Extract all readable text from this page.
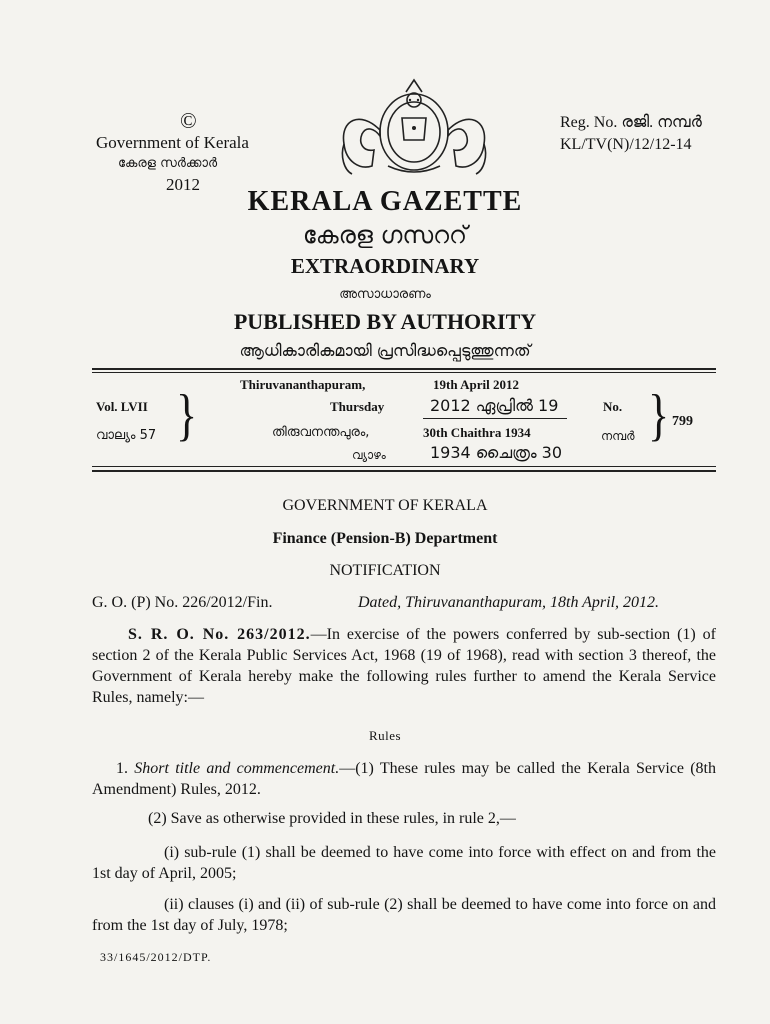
©
Government of Kerala
കേരള സർക്കാർ
2012
Reg. No. രജി. നമ്പർ
KL/TV(N)/12/12-14
KERALA GAZETTE
കേരള ഗസററ്
EXTRAORDINARY
അസാധാരണം
PUBLISHED BY AUTHORITY
ആധികാരികമായി പ്രസിദ്ധപ്പെടുത്തുന്നത്
Vol. LVII
വാല്യം 57 }	Thiruvananthapuram,
Thursday
തിരുവനന്തപുരം,
വ്യാഴം
19th April 2012
2012 ഏപ്രിൽ 19
30th Chaithra 1934
1934 ചൈത്രം 30
No.
നമ്പർ } 799
GOVERNMENT OF KERALA
Finance (Pension-B) Department
NOTIFICATION
G. O. (P) No. 226/2012/Fin.	Dated, Thiruvananthapuram, 18th April, 2012.
S. R. O. No. 263/2012.—In exercise of the powers conferred by sub-section (1) of section 2 of the Kerala Public Services Act, 1968 (19 of 1968), read with section 3 thereof, the Government of Kerala hereby make the following rules further to amend the Kerala Service Rules, namely:—
Rules
1. Short title and commencement.—(1) These rules may be called the Kerala Service (8th Amendment) Rules, 2012.
(2) Save as otherwise provided in these rules, in rule 2,—
(i) sub-rule (1) shall be deemed to have come into force with effect on and from the 1st day of April, 2005;
(ii) clauses (i) and (ii) of sub-rule (2) shall be deemed to have come into force on and from the 1st day of July, 1978;
33/1645/2012/DTP.
